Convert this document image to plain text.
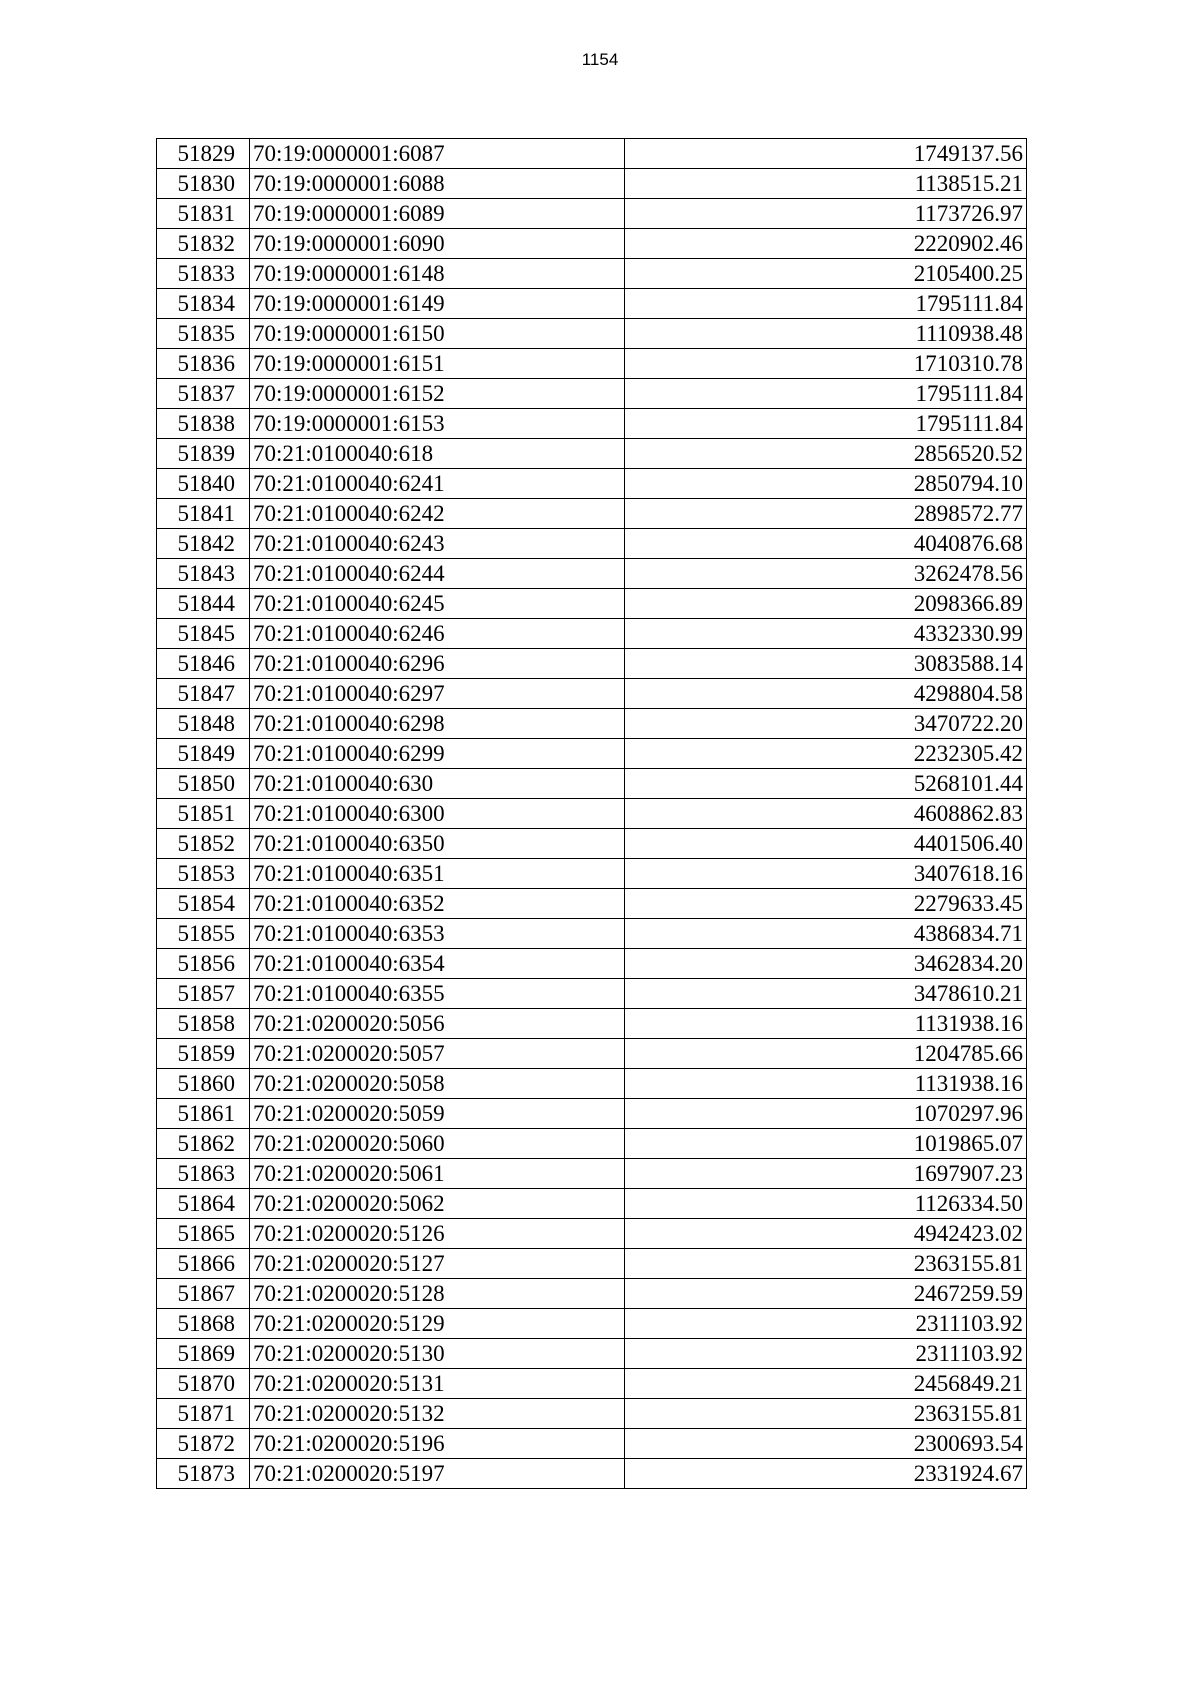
1154
51829	70:19:0000001:6087	1749137.56
51830	70:19:0000001:6088	1138515.21
51831	70:19:0000001:6089	1173726.97
51832	70:19:0000001:6090	2220902.46
51833	70:19:0000001:6148	2105400.25
51834	70:19:0000001:6149	1795111.84
51835	70:19:0000001:6150	1110938.48
51836	70:19:0000001:6151	1710310.78
51837	70:19:0000001:6152	1795111.84
51838	70:19:0000001:6153	1795111.84
51839	70:21:0100040:618	2856520.52
51840	70:21:0100040:6241	2850794.10
51841	70:21:0100040:6242	2898572.77
51842	70:21:0100040:6243	4040876.68
51843	70:21:0100040:6244	3262478.56
51844	70:21:0100040:6245	2098366.89
51845	70:21:0100040:6246	4332330.99
51846	70:21:0100040:6296	3083588.14
51847	70:21:0100040:6297	4298804.58
51848	70:21:0100040:6298	3470722.20
51849	70:21:0100040:6299	2232305.42
51850	70:21:0100040:630	5268101.44
51851	70:21:0100040:6300	4608862.83
51852	70:21:0100040:6350	4401506.40
51853	70:21:0100040:6351	3407618.16
51854	70:21:0100040:6352	2279633.45
51855	70:21:0100040:6353	4386834.71
51856	70:21:0100040:6354	3462834.20
51857	70:21:0100040:6355	3478610.21
51858	70:21:0200020:5056	1131938.16
51859	70:21:0200020:5057	1204785.66
51860	70:21:0200020:5058	1131938.16
51861	70:21:0200020:5059	1070297.96
51862	70:21:0200020:5060	1019865.07
51863	70:21:0200020:5061	1697907.23
51864	70:21:0200020:5062	1126334.50
51865	70:21:0200020:5126	4942423.02
51866	70:21:0200020:5127	2363155.81
51867	70:21:0200020:5128	2467259.59
51868	70:21:0200020:5129	2311103.92
51869	70:21:0200020:5130	2311103.92
51870	70:21:0200020:5131	2456849.21
51871	70:21:0200020:5132	2363155.81
51872	70:21:0200020:5196	2300693.54
51873	70:21:0200020:5197	2331924.67
